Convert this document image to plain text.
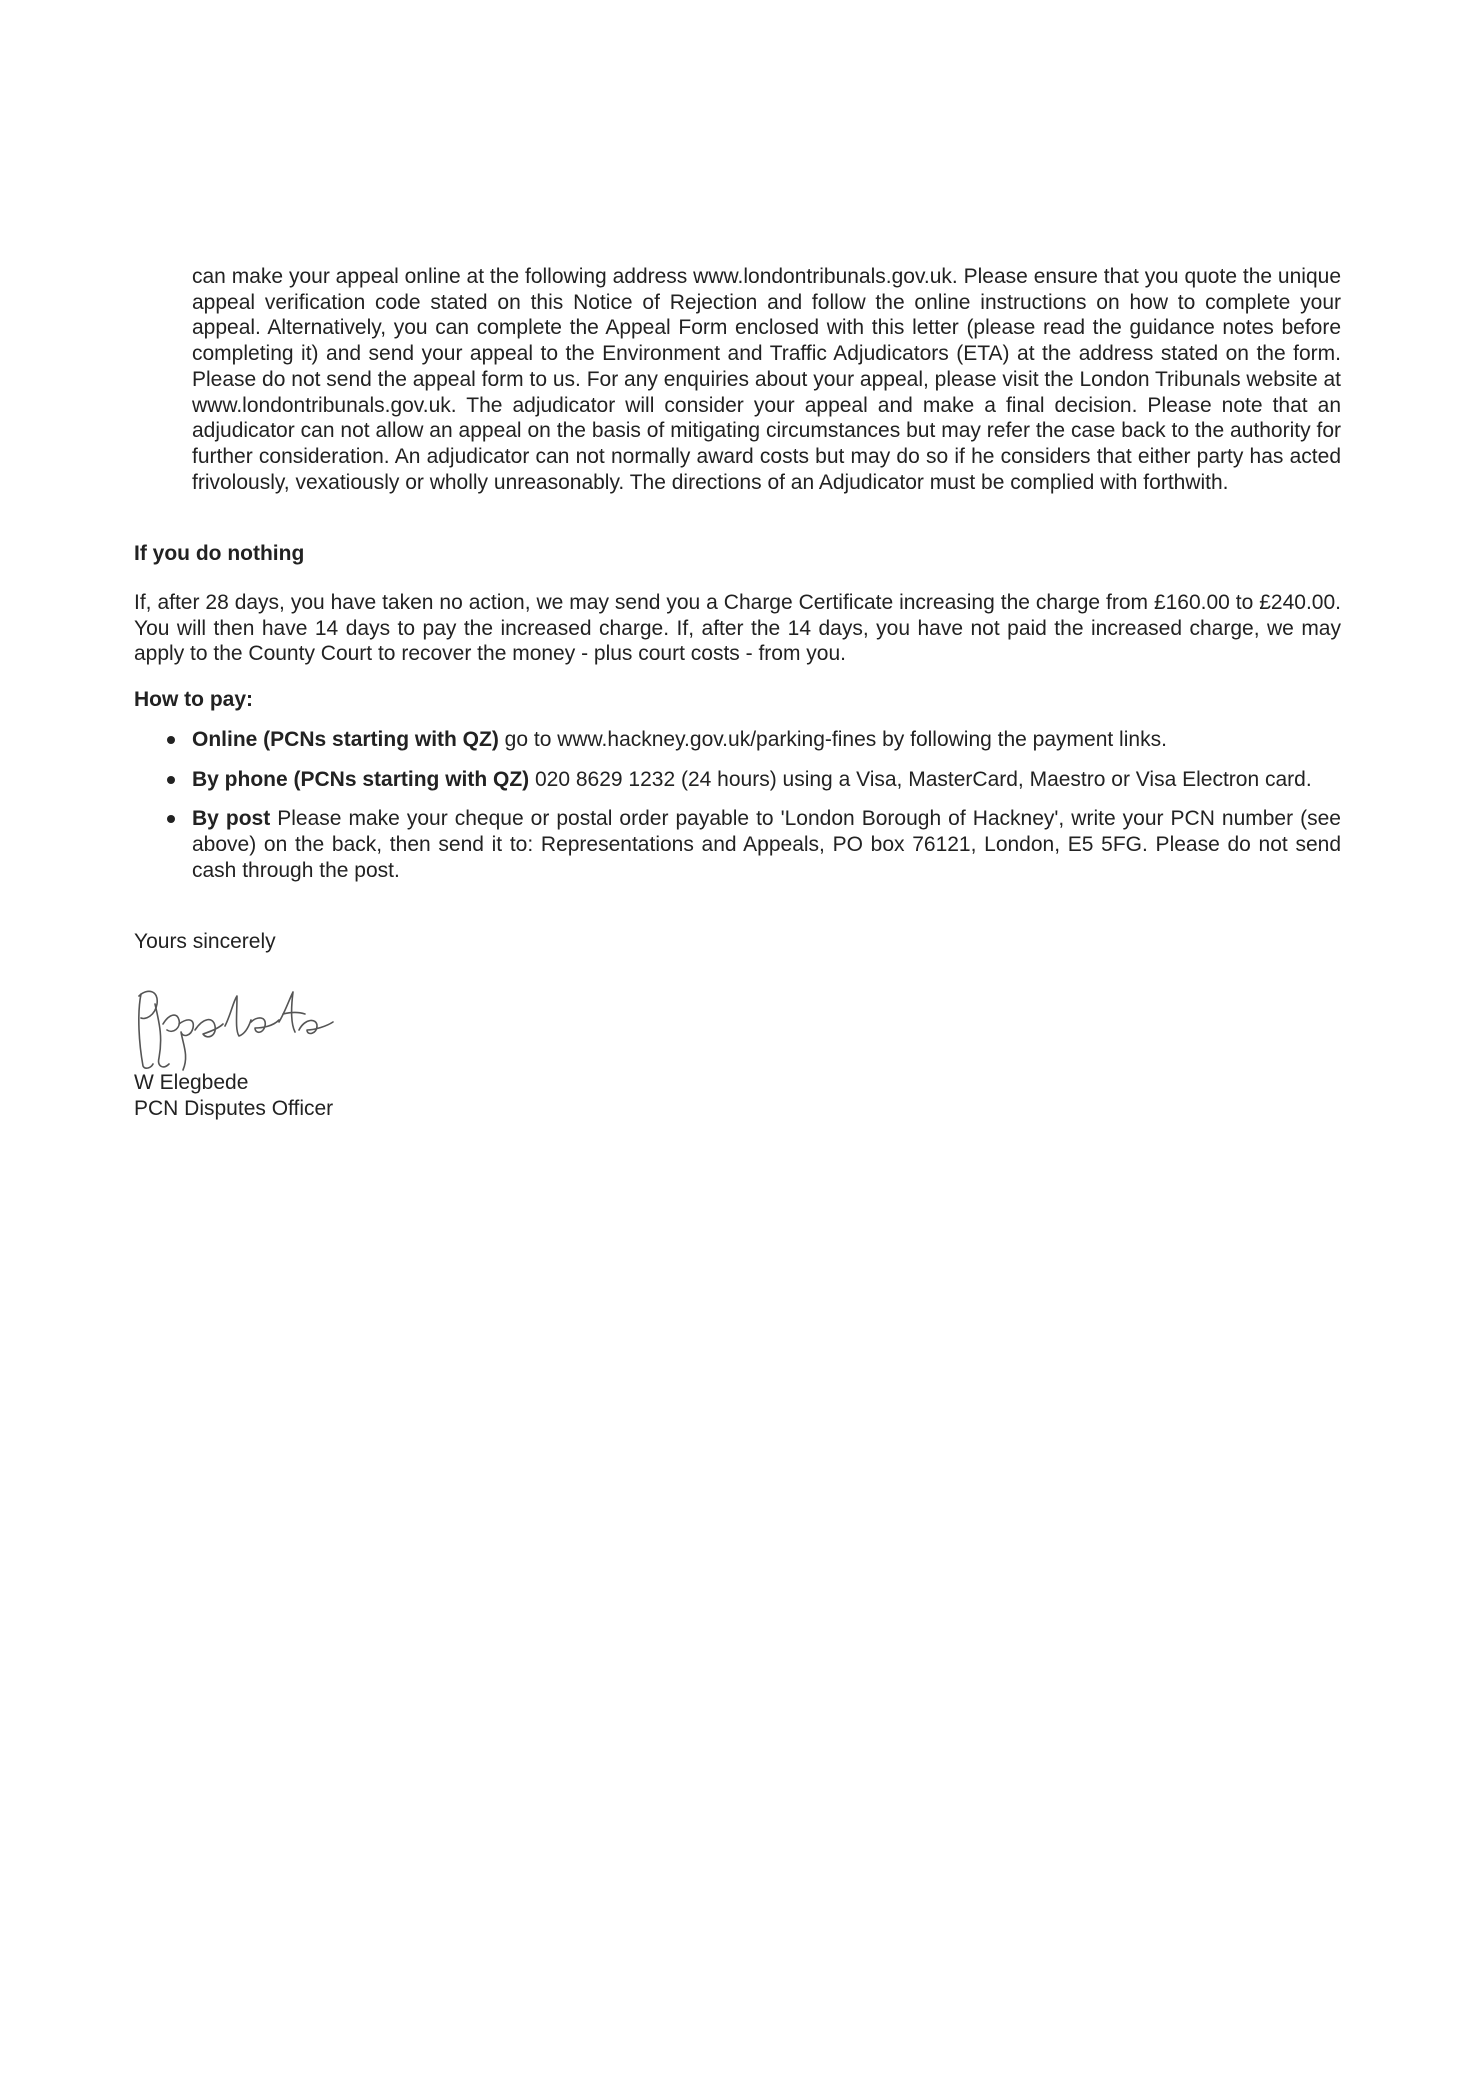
can make your appeal online at the following address www.londontribunals.gov.uk. Please ensure that you quote the unique appeal verification code stated on this Notice of Rejection and follow the online instructions on how to complete your appeal. Alternatively, you can complete the Appeal Form enclosed with this letter (please read the guidance notes before completing it) and send your appeal to the Environment and Traffic Adjudicators (ETA) at the address stated on the form. Please do not send the appeal form to us. For any enquiries about your appeal, please visit the London Tribunals website at www.londontribunals.gov.uk. The adjudicator will consider your appeal and make a final decision. Please note that an adjudicator can not allow an appeal on the basis of mitigating circumstances but may refer the case back to the authority for further consideration. An adjudicator can not normally award costs but may do so if he considers that either party has acted frivolously, vexatiously or wholly unreasonably. The directions of an Adjudicator must be complied with forthwith.

If you do nothing

If, after 28 days, you have taken no action, we may send you a Charge Certificate increasing the charge from £160.00 to £240.00. You will then have 14 days to pay the increased charge. If, after the 14 days, you have not paid the increased charge, we may apply to the County Court to recover the money - plus court costs - from you.

How to pay:

Online (PCNs starting with QZ) go to www.hackney.gov.uk/parking-fines by following the payment links.
By phone (PCNs starting with QZ) 020 8629 1232 (24 hours) using a Visa, MasterCard, Maestro or Visa Electron card.
By post Please make your cheque or postal order payable to 'London Borough of Hackney', write your PCN number (see above) on the back, then send it to: Representations and Appeals, PO box 76121, London, E5 5FG. Please do not send cash through the post.

Yours sincerely

W Elegbede
PCN Disputes Officer
